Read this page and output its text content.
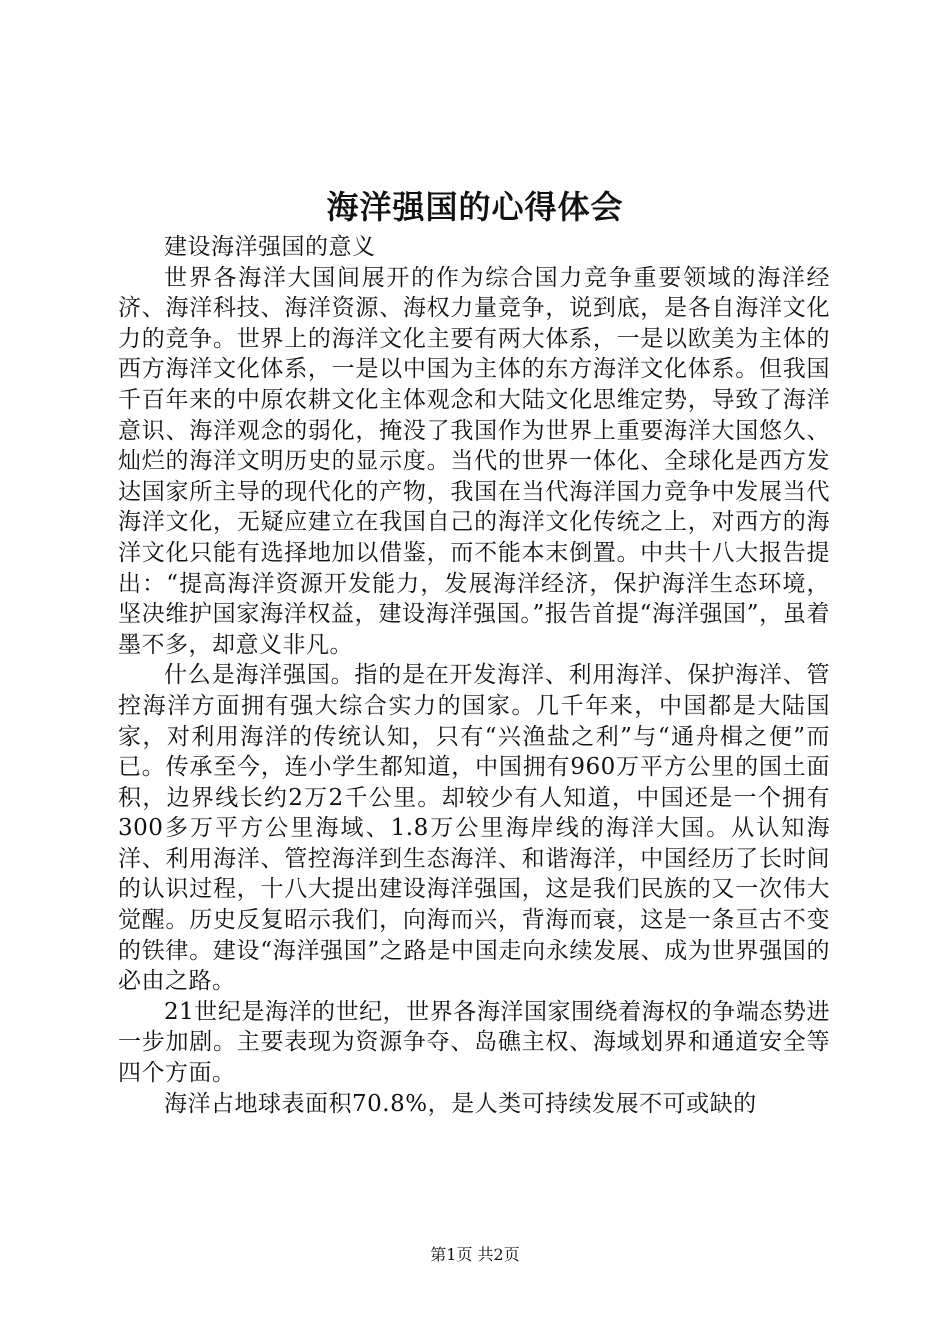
海洋强国的心得体会
建设海洋强国的意义

世界各海洋大国间展开的作为综合国力竞争重要领域的海洋经济、海洋科技、海洋资源、海权力量竞争，说到底，是各自海洋文化力的竞争。世界上的海洋文化主要有两大体系，一是以欧美为主体的西方海洋文化体系，一是以中国为主体的东方海洋文化体系。但我国千百年来的中原农耕文化主体观念和大陆文化思维定势，导致了海洋意识、海洋观念的弱化，掩没了我国作为世界上重要海洋大国悠久、灿烂的海洋文明历史的显示度。当代的世界一体化、全球化是西方发达国家所主导的现代化的产物，我国在当代海洋国力竞争中发展当代海洋文化，无疑应建立在我国自己的海洋文化传统之上，对西方的海洋文化只能有选择地加以借鉴，而不能本末倒置。中共十八大报告提出：“提高海洋资源开发能力，发展海洋经济，保护海洋生态环境，坚决维护国家海洋权益，建设海洋强国。”报告首提“海洋强国”，虽着墨不多，却意义非凡。

什么是海洋强国。指的是在开发海洋、利用海洋、保护海洋、管控海洋方面拥有强大综合实力的国家。几千年来，中国都是大陆国家，对利用海洋的传统认知，只有“兴渔盐之利”与“通舟楫之便”而已。传承至今，连小学生都知道，中国拥有960万平方公里的国土面积，边界线长约2万2千公里。却较少有人知道，中国还是一个拥有300多万平方公里海域、1.8万公里海岸线的海洋大国。从认知海洋、利用海洋、管控海洋到生态海洋、和谐海洋，中国经历了长时间的认识过程，十八大提出建设海洋强国，这是我们民族的又一次伟大觉醒。历史反复昭示我们，向海而兴，背海而衰，这是一条亘古不变的铁律。建设“海洋强国”之路是中国走向永续发展、成为世界强国的必由之路。

21世纪是海洋的世纪，世界各海洋国家围绕着海权的争端态势进一步加剧。主要表现为资源争夺、岛礁主权、海域划界和通道安全等四个方面。

海洋占地球表面积70.8%，是人类可持续发展不可或缺的

第1页 共2页
